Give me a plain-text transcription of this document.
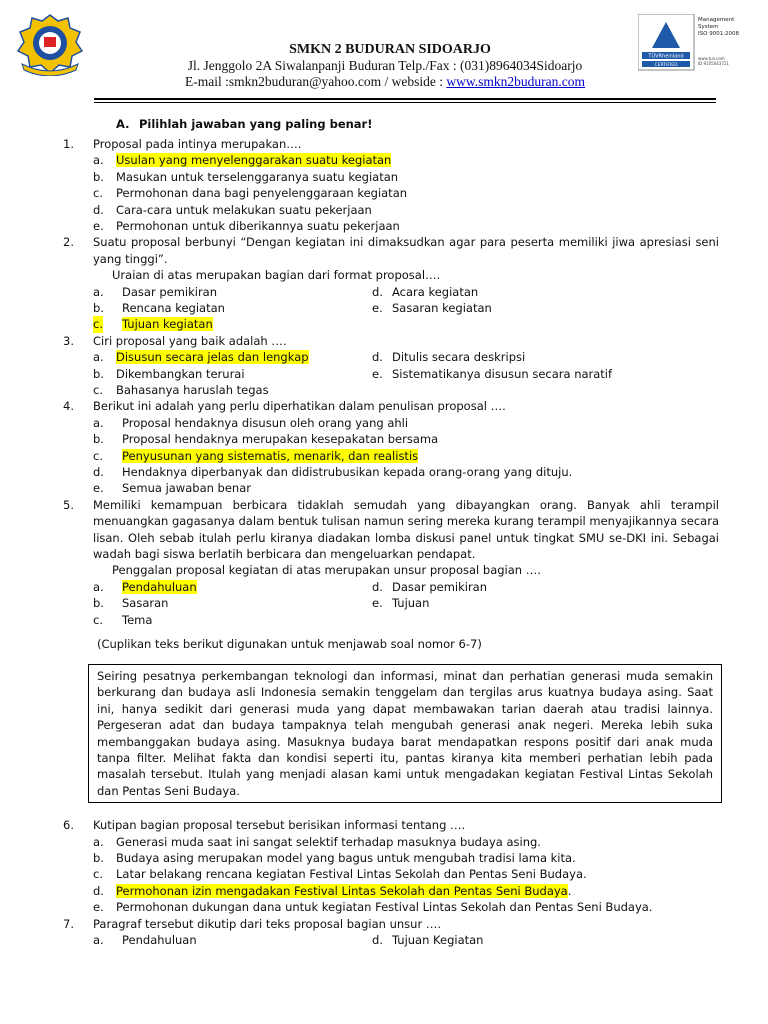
TÜVRheinland
CERTIFIED
Management
System
ISO 9001:2008
www.tuv.com
ID 9105043721
SMKN 2 BUDURAN SIDOARJO
Jl. Jenggolo 2A Siwalanpanji Buduran Telp./Fax : (031)8964034Sidoarjo
E-mail :smkn2buduran@yahoo.com / webside : www.smkn2buduran.com
A. Pilihlah jawaban yang paling benar!
1. Proposal pada intinya merupakan….
a. Usulan yang menyelenggarakan suatu kegiatan
b. Masukan untuk terselenggaranya suatu kegiatan
c. Permohonan dana bagi penyelenggaraan kegiatan
d. Cara-cara untuk melakukan suatu pekerjaan
e. Permohonan untuk diberikannya suatu pekerjaan
2. Suatu proposal berbunyi “Dengan kegiatan ini dimaksudkan agar para peserta memiliki jiwa apresiasi seni yang tinggi”.
Uraian di atas merupakan bagian dari format proposal….
a. Dasar pemikiran	d. Acara kegiatan
b. Rencana kegiatan	e. Sasaran kegiatan
c. Tujuan kegiatan
3. Ciri proposal yang baik adalah ….
a. Disusun secara jelas dan lengkap	d. Ditulis secara deskripsi
b. Dikembangkan terurai	e. Sistematikanya disusun secara naratif
c. Bahasanya haruslah tegas
4. Berikut ini adalah yang perlu diperhatikan dalam penulisan proposal ….
a. Proposal hendaknya disusun oleh orang yang ahli
b. Proposal hendaknya merupakan kesepakatan bersama
c. Penyusunan yang sistematis, menarik, dan realistis
d. Hendaknya diperbanyak dan didistrubusikan kepada orang-orang yang dituju.
e. Semua jawaban benar
5. Memiliki kemampuan berbicara tidaklah semudah yang dibayangkan orang. Banyak ahli terampil menuangkan gagasanya dalam bentuk tulisan namun sering mereka kurang terampil menyajikannya secara lisan. Oleh sebab itulah perlu kiranya diadakan lomba diskusi panel untuk tingkat SMU se-DKI ini. Sebagai wadah bagi siswa berlatih berbicara dan mengeluarkan pendapat.
Penggalan proposal kegiatan di atas merupakan unsur proposal bagian ….
a. Pendahuluan	d. Dasar pemikiran
b. Sasaran	e. Tujuan
c. Tema
(Cuplikan teks berikut digunakan untuk menjawab soal nomor 6-7)
Seiring pesatnya perkembangan teknologi dan informasi, minat dan perhatian generasi muda semakin berkurang dan budaya asli Indonesia semakin tenggelam dan tergilas arus kuatnya budaya asing. Saat ini, hanya sedikit dari generasi muda yang dapat membawakan tarian daerah atau tradisi lainnya. Pergeseran adat dan budaya tampaknya telah mengubah generasi anak negeri. Mereka lebih suka membanggakan budaya asing. Masuknya budaya barat mendapatkan respons positif dari anak muda tanpa filter. Melihat fakta dan kondisi seperti itu, pantas kiranya kita memberi perhatian lebih pada masalah tersebut. Itulah yang menjadi alasan kami untuk mengadakan kegiatan Festival Lintas Sekolah dan Pentas Seni Budaya.
6. Kutipan bagian proposal tersebut berisikan informasi tentang ….
a. Generasi muda saat ini sangat selektif terhadap masuknya budaya asing.
b. Budaya asing merupakan model yang bagus untuk mengubah tradisi lama kita.
c. Latar belakang rencana kegiatan Festival Lintas Sekolah dan Pentas Seni Budaya.
d. Permohonan izin mengadakan Festival Lintas Sekolah dan Pentas Seni Budaya.
e. Permohonan dukungan dana untuk kegiatan Festival Lintas Sekolah dan Pentas Seni Budaya.
7. Paragraf tersebut dikutip dari teks proposal bagian unsur ….
a. Pendahuluan	d. Tujuan Kegiatan
